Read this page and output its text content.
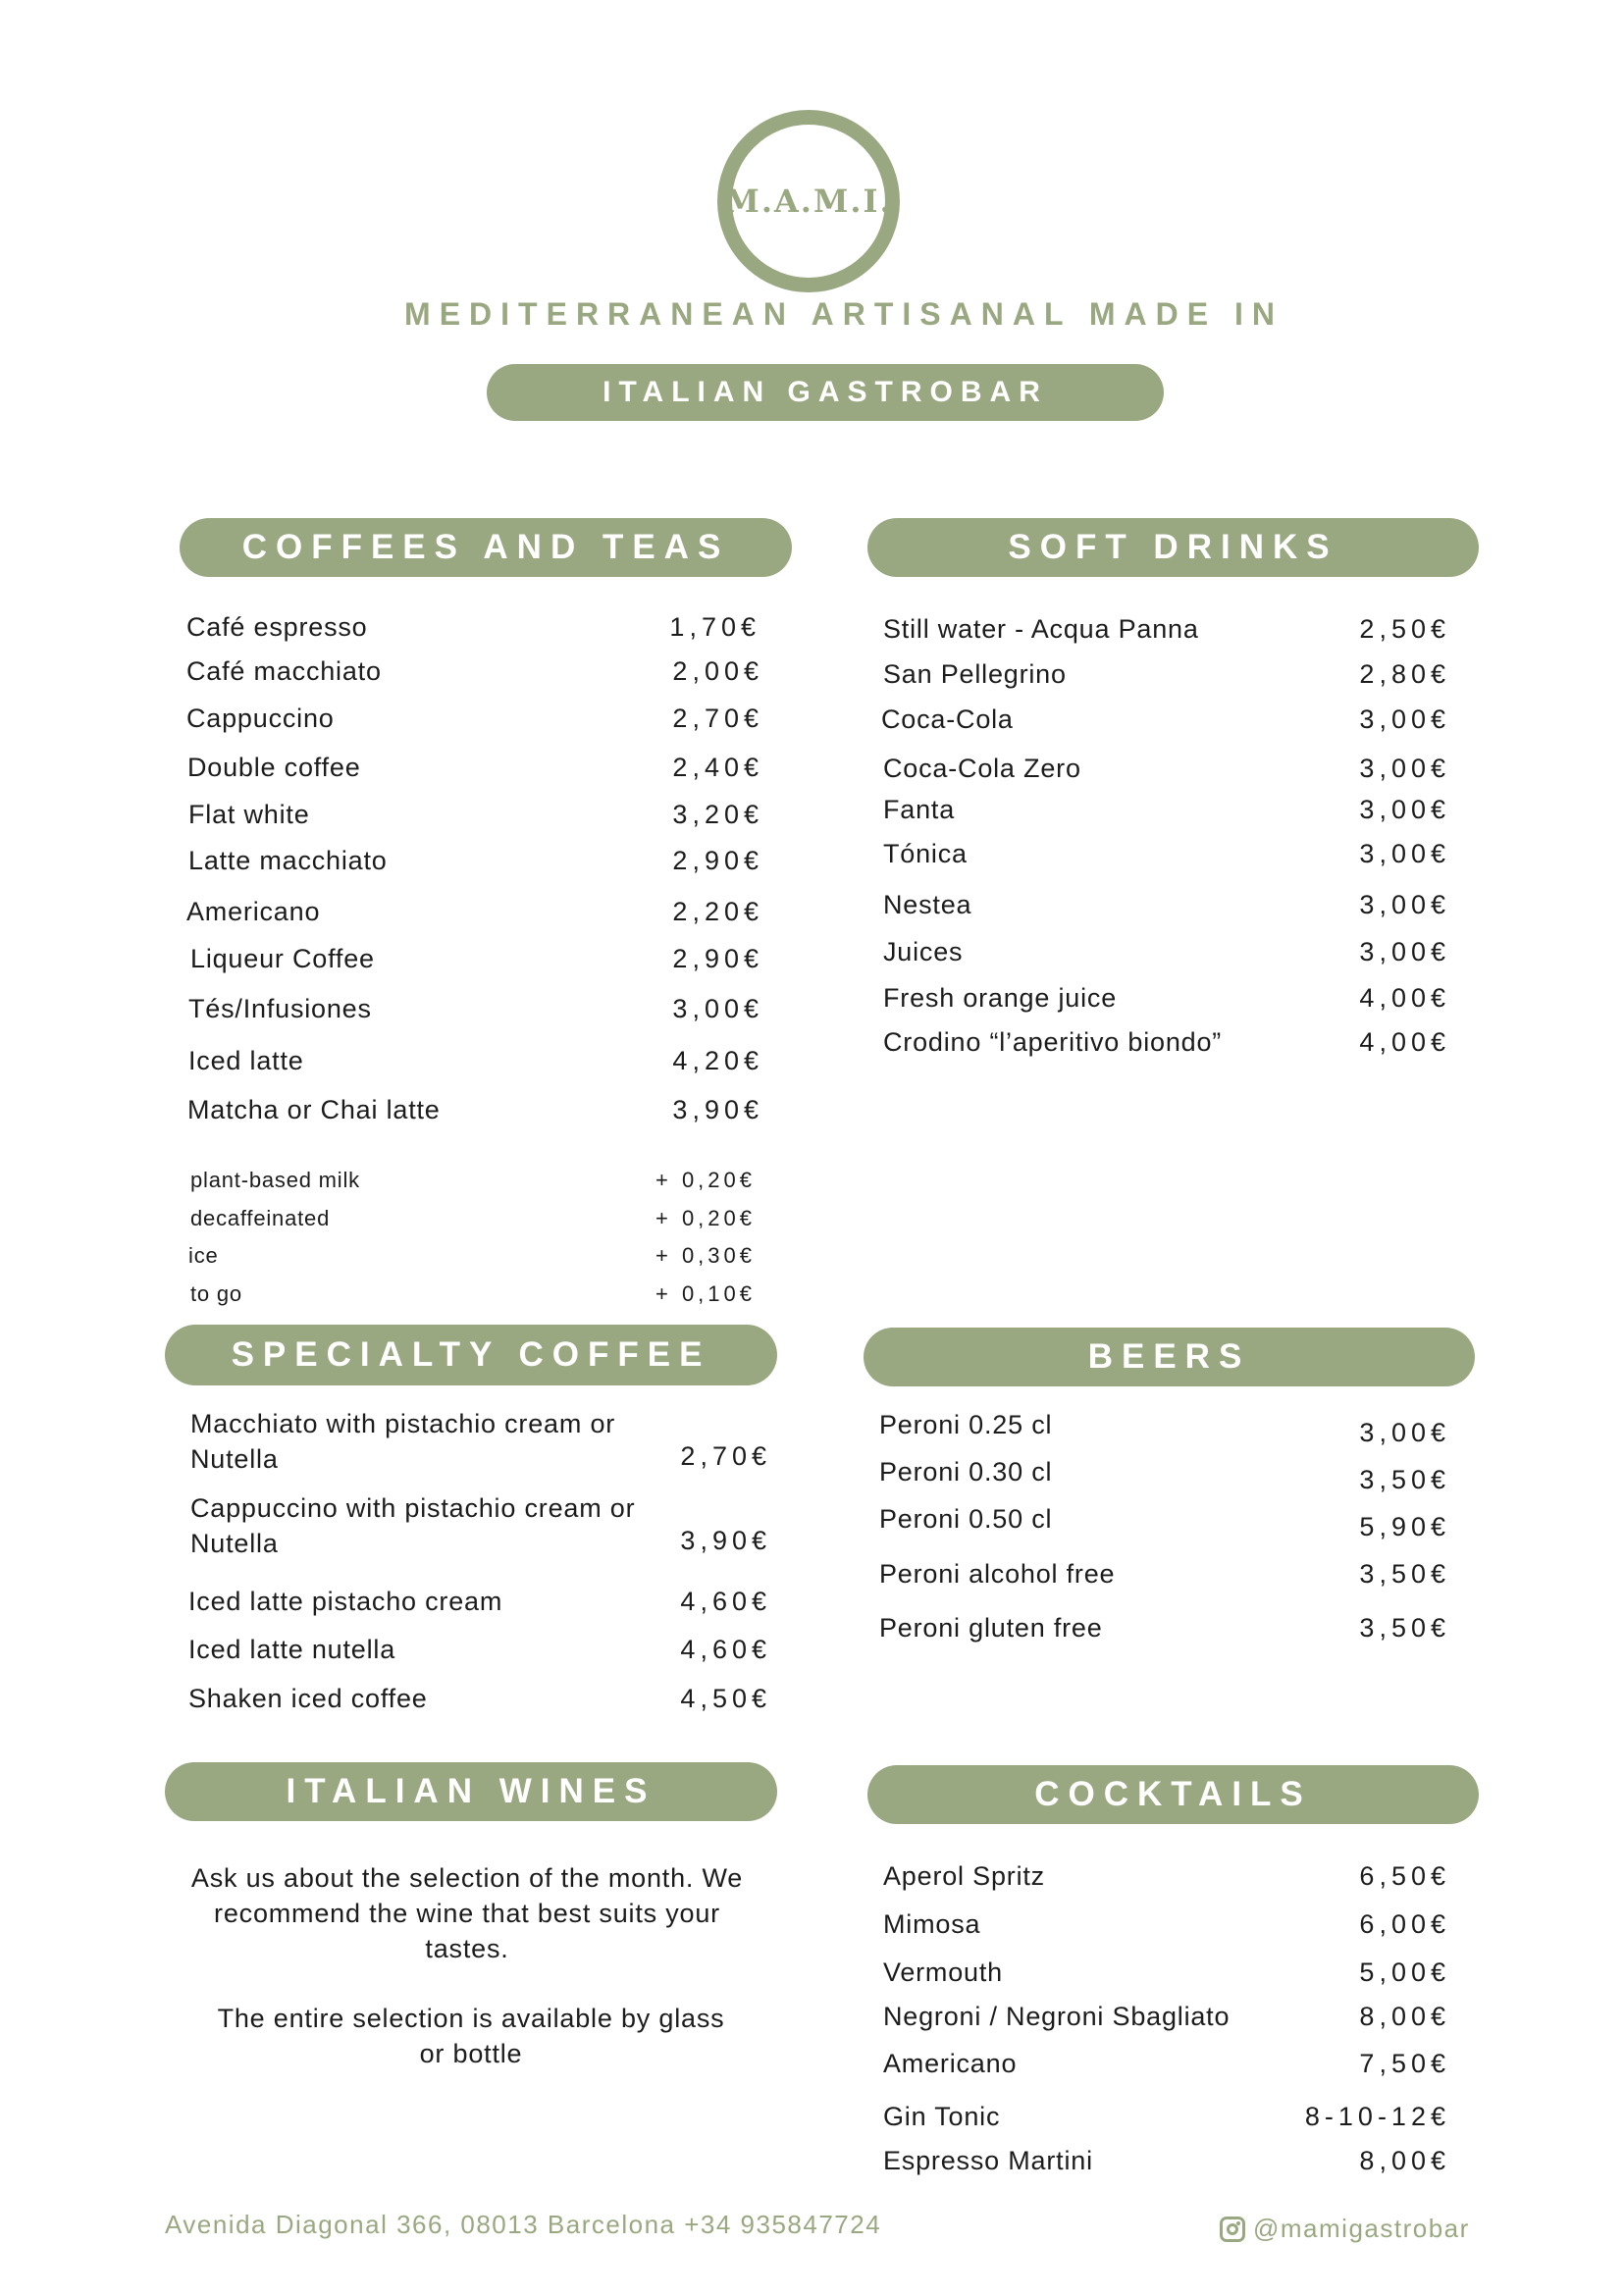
M.A.M.I.
MEDITERRANEAN ARTISANAL MADE IN
ITALIAN GASTROBAR
COFFEES AND TEAS
Café espresso	1,70€
Café macchiato	2,00€
Cappuccino	2,70€
Double coffee	2,40€
Flat white	3,20€
Latte macchiato	2,90€
Americano	2,20€
Liqueur Coffee	2,90€
Tés/Infusiones	3,00€
Iced latte	4,20€
Matcha or Chai latte	3,90€
plant-based milk	+ 0,20€
decaffeinated	+ 0,20€
ice	+ 0,30€
to go	+ 0,10€
SOFT DRINKS
Still water - Acqua Panna	2,50€
San Pellegrino	2,80€
Coca-Cola	3,00€
Coca-Cola Zero	3,00€
Fanta	3,00€
Tónica	3,00€
Nestea	3,00€
Juices	3,00€
Fresh orange juice	4,00€
Crodino “l’aperitivo biondo”	4,00€
SPECIALTY COFFEE
Macchiato with pistachio cream or Nutella	2,70€
Cappuccino with pistachio cream or Nutella	3,90€
Iced latte pistacho cream	4,60€
Iced latte nutella	4,60€
Shaken iced coffee	4,50€
BEERS
Peroni 0.25 cl	3,00€
Peroni 0.30 cl	3,50€
Peroni 0.50 cl	5,90€
Peroni alcohol free	3,50€
Peroni gluten free	3,50€
ITALIAN WINES
Ask us about the selection of the month. We recommend the wine that best suits your tastes.
The entire selection is available by glass or bottle
COCKTAILS
Aperol Spritz	6,50€
Mimosa	6,00€
Vermouth	5,00€
Negroni / Negroni Sbagliato	8,00€
Americano	7,50€
Gin Tonic	8-10-12€
Espresso Martini	8,00€
Avenida Diagonal 366, 08013 Barcelona +34 935847724	@mamigastrobar
